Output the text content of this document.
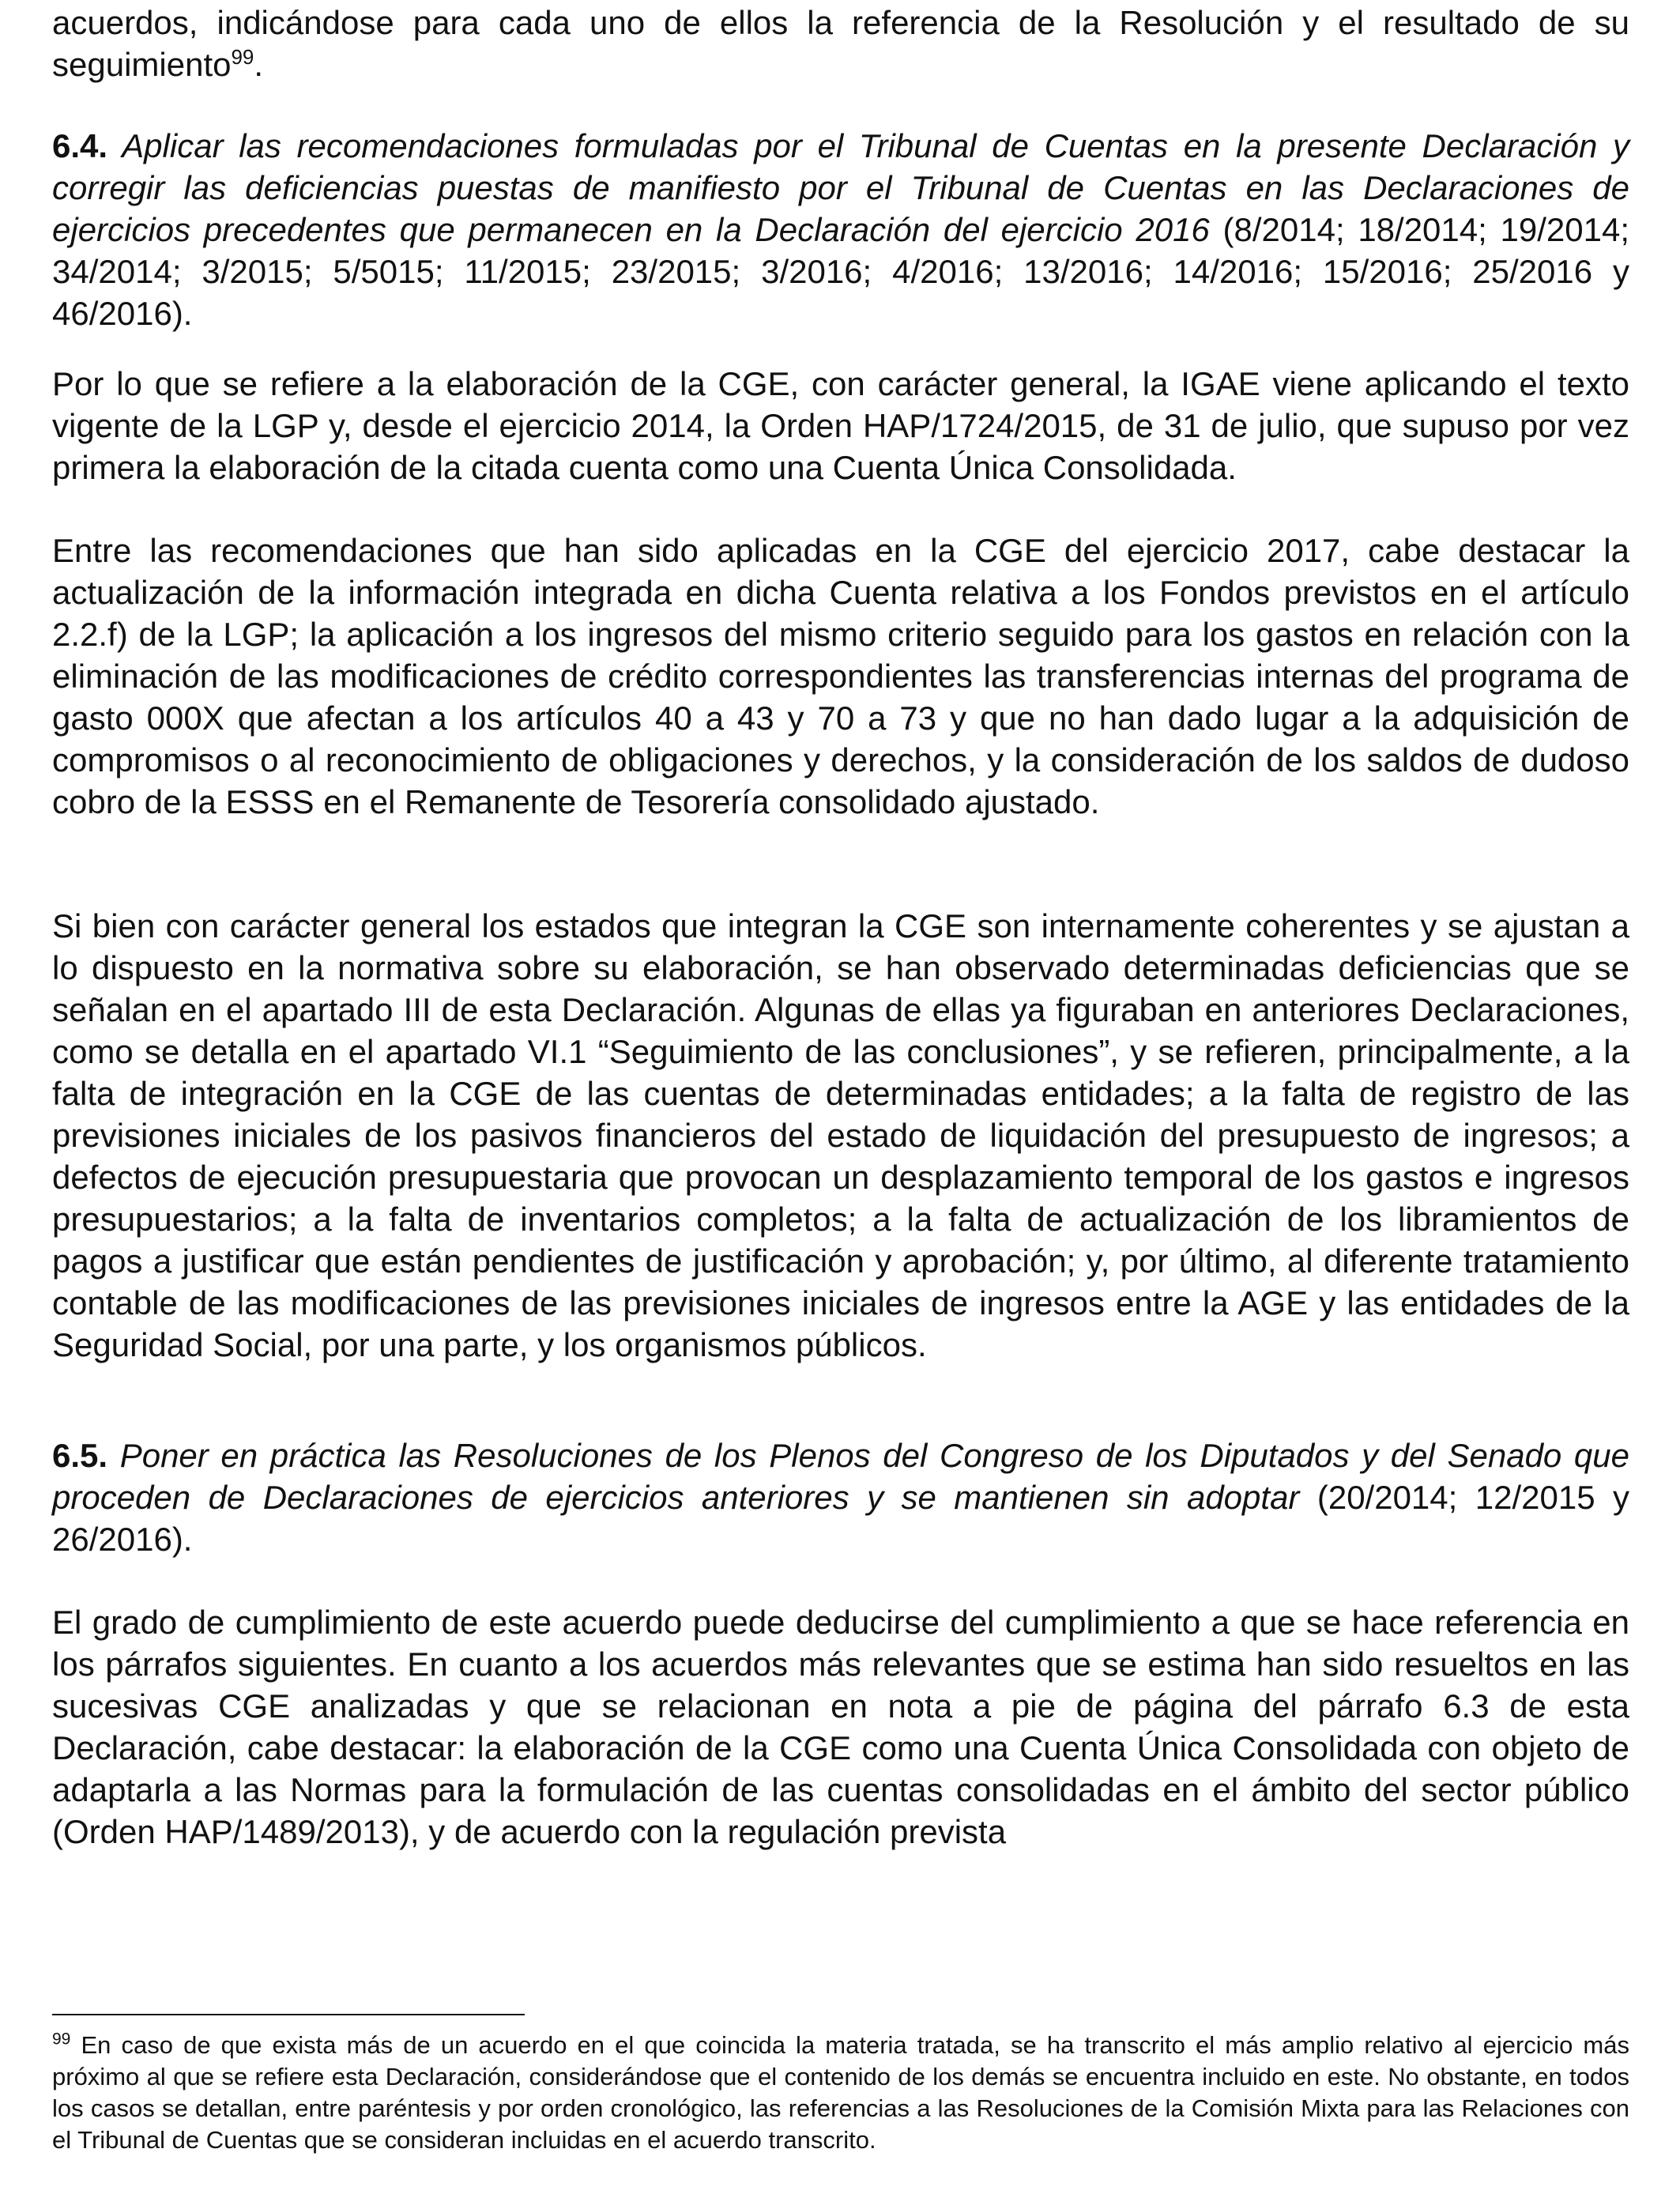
acuerdos, indicándose para cada uno de ellos la referencia de la Resolución y el resultado de su seguimiento$^{99}$.

6.4. Aplicar las recomendaciones formuladas por el Tribunal de Cuentas en la presente Declaración y corregir las deficiencias puestas de manifiesto por el Tribunal de Cuentas en las Declaraciones de ejercicios precedentes que permanecen en la Declaración del ejercicio 2016 (8/2014; 18/2014; 19/2014; 34/2014; 3/2015; 5/5015; 11/2015; 23/2015; 3/2016; 4/2016; 13/2016; 14/2016; 15/2016; 25/2016 y 46/2016).

Por lo que se refiere a la elaboración de la CGE, con carácter general, la IGAE viene aplicando el texto vigente de la LGP y, desde el ejercicio 2014, la Orden HAP/1724/2015, de 31 de julio, que supuso por vez primera la elaboración de la citada cuenta como una Cuenta Única Consolidada.

Entre las recomendaciones que han sido aplicadas en la CGE del ejercicio 2017, cabe destacar la actualización de la información integrada en dicha Cuenta relativa a los Fondos previstos en el artículo 2.2.f) de la LGP; la aplicación a los ingresos del mismo criterio seguido para los gastos en relación con la eliminación de las modificaciones de crédito correspondientes las transferencias internas del programa de gasto 000X que afectan a los artículos 40 a 43 y 70 a 73 y que no han dado lugar a la adquisición de compromisos o al reconocimiento de obligaciones y derechos, y la consideración de los saldos de dudoso cobro de la ESSS en el Remanente de Tesorería consolidado ajustado.

Si bien con carácter general los estados que integran la CGE son internamente coherentes y se ajustan a lo dispuesto en la normativa sobre su elaboración, se han observado determinadas deficiencias que se señalan en el apartado III de esta Declaración. Algunas de ellas ya figuraban en anteriores Declaraciones, como se detalla en el apartado VI.1 “Seguimiento de las conclusiones”, y se refieren, principalmente, a la falta de integración en la CGE de las cuentas de determinadas entidades; a la falta de registro de las previsiones iniciales de los pasivos financieros del estado de liquidación del presupuesto de ingresos; a defectos de ejecución presupuestaria que provocan un desplazamiento temporal de los gastos e ingresos presupuestarios; a la falta de inventarios completos; a la falta de actualización de los libramientos de pagos a justificar que están pendientes de justificación y aprobación; y, por último, al diferente tratamiento contable de las modificaciones de las previsiones iniciales de ingresos entre la AGE y las entidades de la Seguridad Social, por una parte, y los organismos públicos.

6.5. Poner en práctica las Resoluciones de los Plenos del Congreso de los Diputados y del Senado que proceden de Declaraciones de ejercicios anteriores y se mantienen sin adoptar (20/2014; 12/2015 y 26/2016).

El grado de cumplimiento de este acuerdo puede deducirse del cumplimiento a que se hace referencia en los párrafos siguientes. En cuanto a los acuerdos más relevantes que se estima han sido resueltos en las sucesivas CGE analizadas y que se relacionan en nota a pie de página del párrafo 6.3 de esta Declaración, cabe destacar: la elaboración de la CGE como una Cuenta Única Consolidada con objeto de adaptarla a las Normas para la formulación de las cuentas consolidadas en el ámbito del sector público (Orden HAP/1489/2013), y de acuerdo con la regulación prevista

$^{99}$ En caso de que exista más de un acuerdo en el que coincida la materia tratada, se ha transcrito el más amplio relativo al ejercicio más próximo al que se refiere esta Declaración, considerándose que el contenido de los demás se encuentra incluido en este. No obstante, en todos los casos se detallan, entre paréntesis y por orden cronológico, las referencias a las Resoluciones de la Comisión Mixta para las Relaciones con el Tribunal de Cuentas que se consideran incluidas en el acuerdo transcrito.
